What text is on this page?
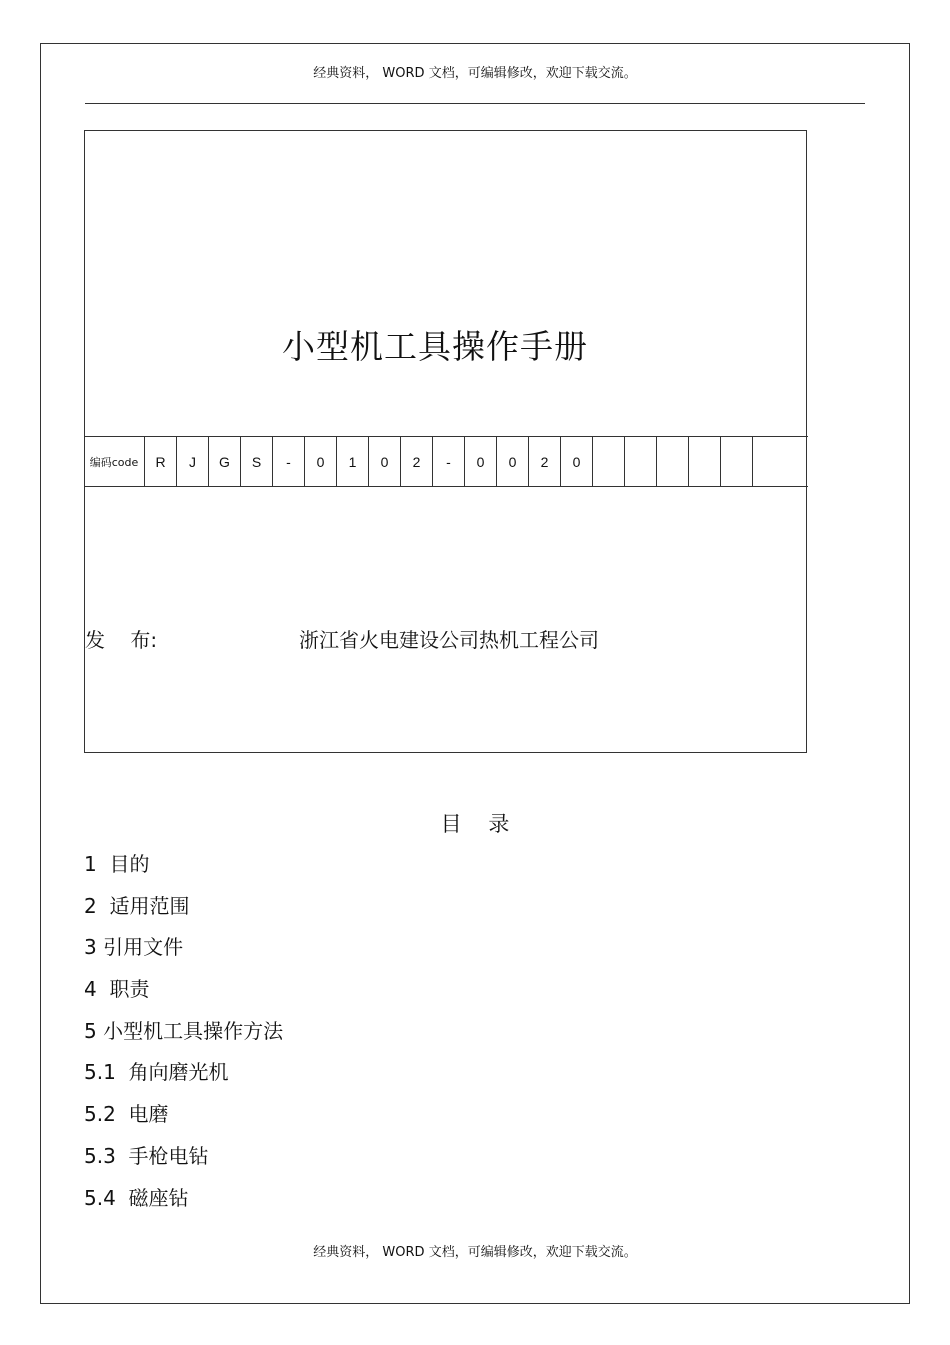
经典资料， WORD 文档，可编辑修改，欢迎下载交流。
小型机工具操作手册
编码code	R	J	G	S	-	0	1	0	2	-	0	0	2	0
发    布:	浙江省火电建设公司热机工程公司
目    录
1  目的
2  适用范围
3 引用文件
4  职责
5 小型机工具操作方法
5.1  角向磨光机
5.2  电磨
5.3  手枪电钻
5.4  磁座钻
经典资料， WORD 文档，可编辑修改，欢迎下载交流。
